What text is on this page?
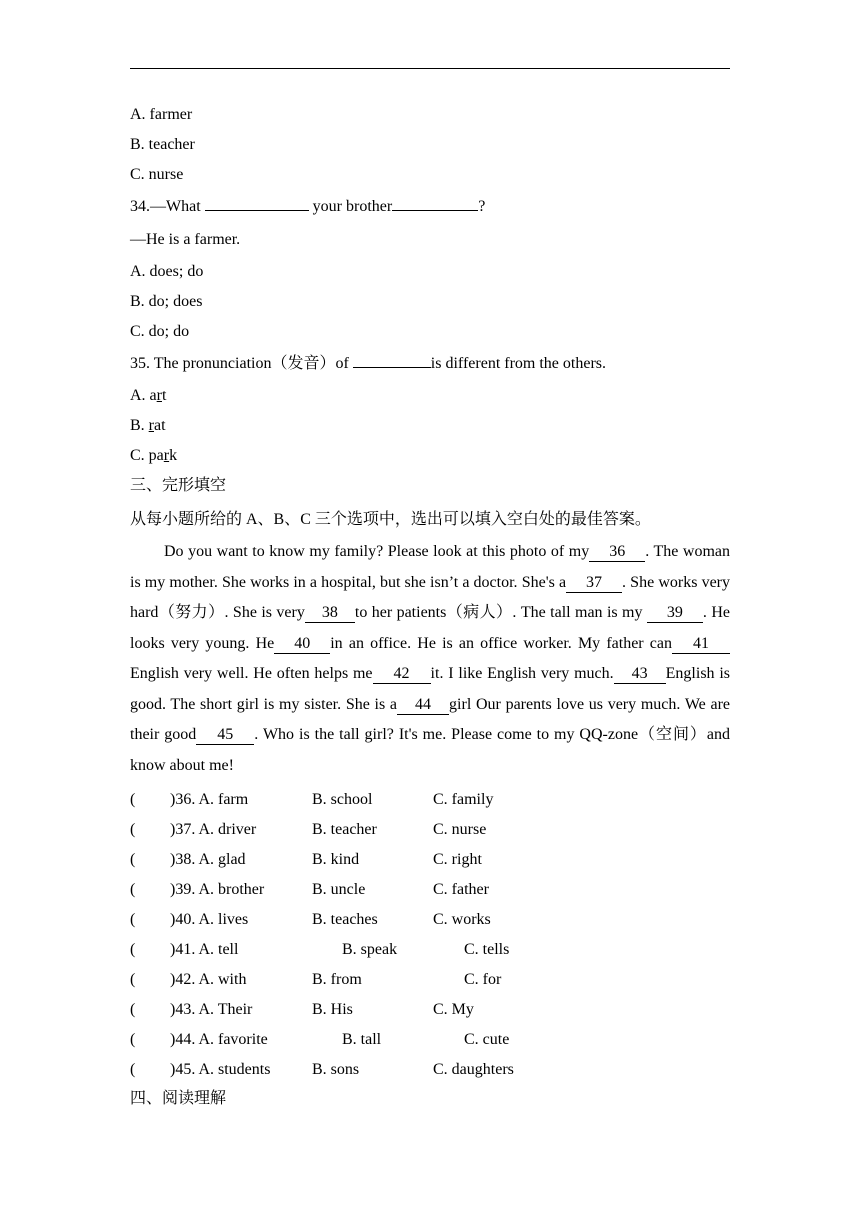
A. farmer
B. teacher
C. nurse
34.—What	your brother	?
—He is a farmer.
A. does; do
B. do; does
C. do; do
35. The pronunciation（发音）of	is different from the others.
A. art
B. rat
C. park
三、完形填空
从每小题所给的 A、B、C 三个选项中，选出可以填入空白处的最佳答案。
Do you want to know my family? Please look at this photo of my 36 . The woman is my mother. She works in a hospital, but she isn’t a doctor. She's a 37 . She works very hard（努力）. She is very 38 to her patients（病人）. The tall man is my 39 . He looks very young. He 40 in an office. He is an office worker. My father can 41English very well. He often helps me 42 it. I like English very much. 43 English is good. The short girl is my sister. She is a 44 girl Our parents love us very much. We are their good 45 . Who is the tall girl? It's me. Please come to my QQ-zone（空间）and know about me!
( )36. A. farm	B. school	C. family
( )37. A. driver	B. teacher	C. nurse
( )38. A. glad	B. kind	C. right
( )39. A. brother	B. uncle	C. father
( )40. A. lives	B. teaches	C. works
( )41. A. tell	B. speak	C. tells
( )42. A. with	B. from	C. for
( )43. A. Their	B. His	C. My
( )44. A. favorite	B. tall	C. cute
( )45. A. students	B. sons	C. daughters
四、阅读理解
